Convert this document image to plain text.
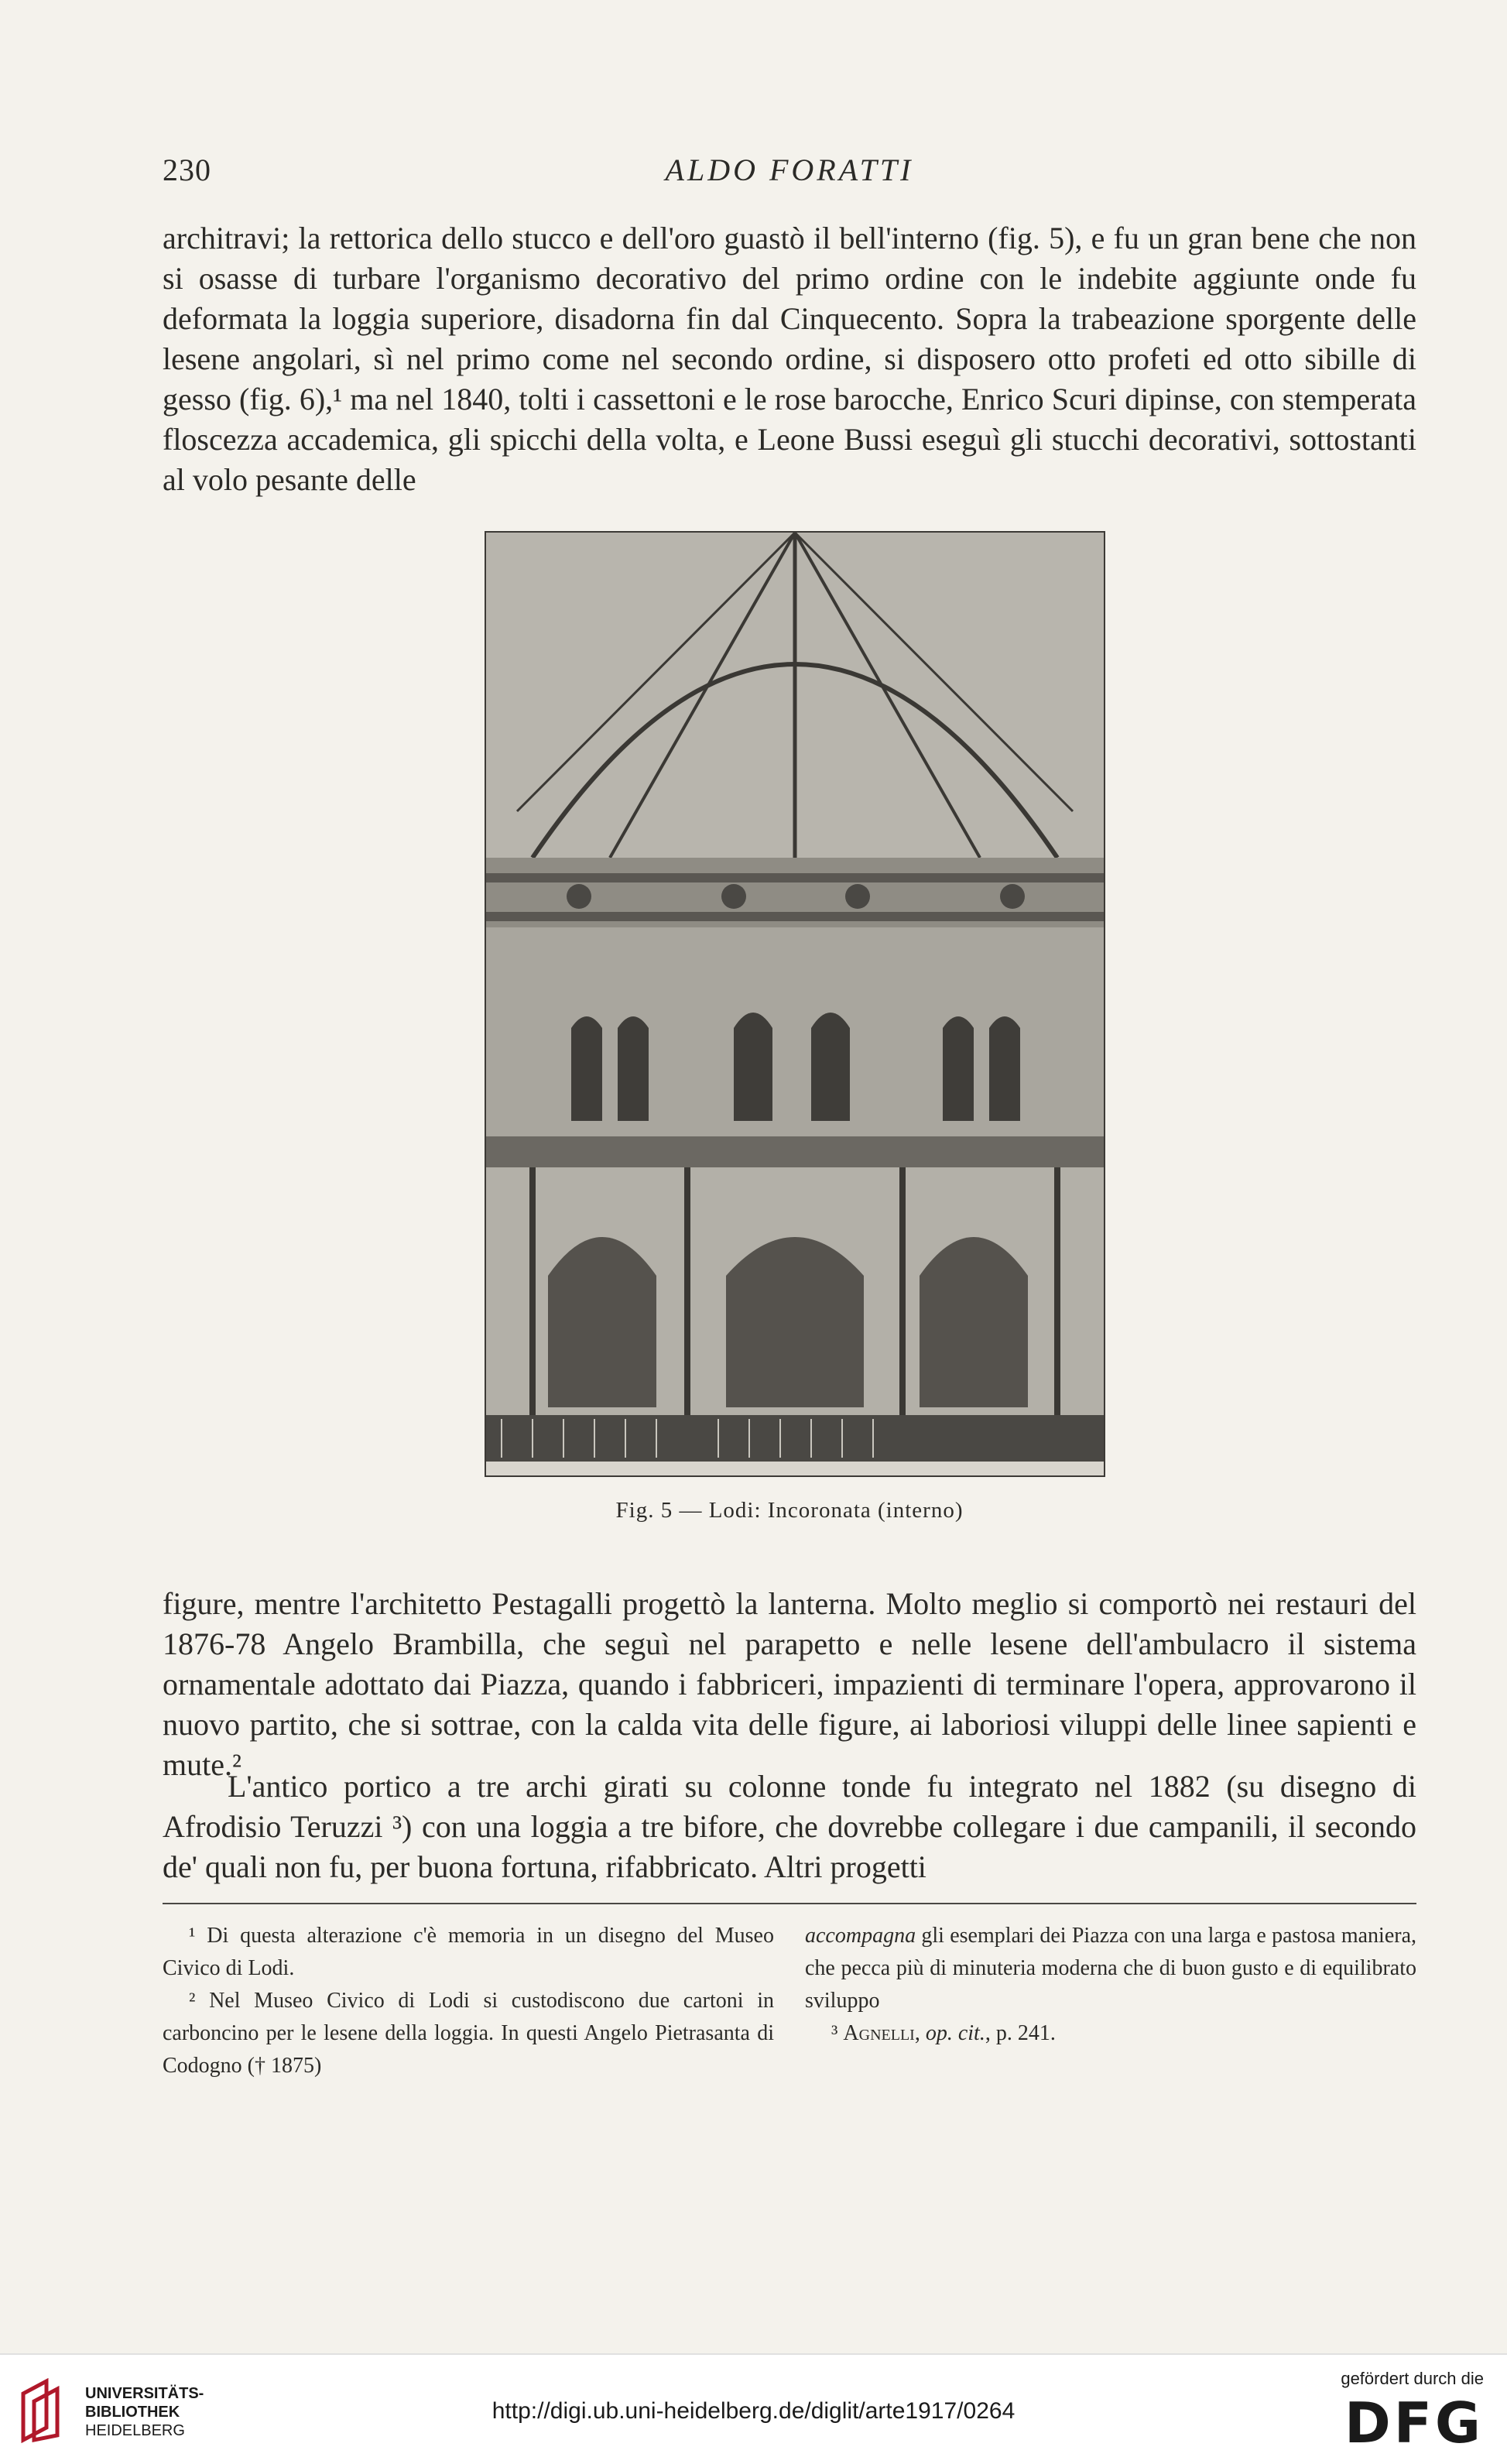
230	ALDO FORATTI

architravi; la rettorica dello stucco e dell'oro guastò il bell'interno (fig. 5), e fu un gran bene che non si osasse di turbare l'organismo decorativo del primo ordine con le indebite aggiunte onde fu deformata la loggia superiore, disadorna fin dal Cinquecento. Sopra la trabeazione sporgente delle lesene angolari, sì nel primo come nel secondo ordine, si disposero otto profeti ed otto sibille di gesso (fig. 6),¹ ma nel 1840, tolti i cassettoni e le rose barocche, Enrico Scuri dipinse, con stemperata floscezza accademica, gli spicchi della volta, e Leone Bussi eseguì gli stucchi decorativi, sottostanti al volo pesante delle

Fig. 5 — Lodi: Incoronata (interno)

figure, mentre l'architetto Pestagalli progettò la lanterna. Molto meglio si comportò nei restauri del 1876-78 Angelo Brambilla, che seguì nel parapetto e nelle lesene dell'ambulacro il sistema ornamentale adottato dai Piazza, quando i fabbriceri, impazienti di terminare l'opera, approvarono il nuovo partito, che si sottrae, con la calda vita delle figure, ai laboriosi viluppi delle linee sapienti e mute.²

L'antico portico a tre archi girati su colonne tonde fu integrato nel 1882 (su disegno di Afrodisio Teruzzi ³) con una loggia a tre bifore, che dovrebbe collegare i due campanili, il secondo de' quali non fu, per buona fortuna, rifabbricato. Altri progetti

¹ Di questa alterazione c'è memoria in un disegno del Museo Civico di Lodi.

² Nel Museo Civico di Lodi si custodiscono due cartoni in carboncino per le lesene della loggia. In questi Angelo Pietrasanta di Codogno († 1875)

accompagna gli esemplari dei Piazza con una larga e pastosa maniera, che pecca più di minuteria moderna che di buon gusto e di equilibrato sviluppo

³ Agnelli, op. cit., p. 241.

UNIVERSITÄTS-
BIBLIOTHEK
HEIDELBERG
http://digi.ub.uni-heidelberg.de/diglit/arte1917/0264
gefördert durch die
DFG
